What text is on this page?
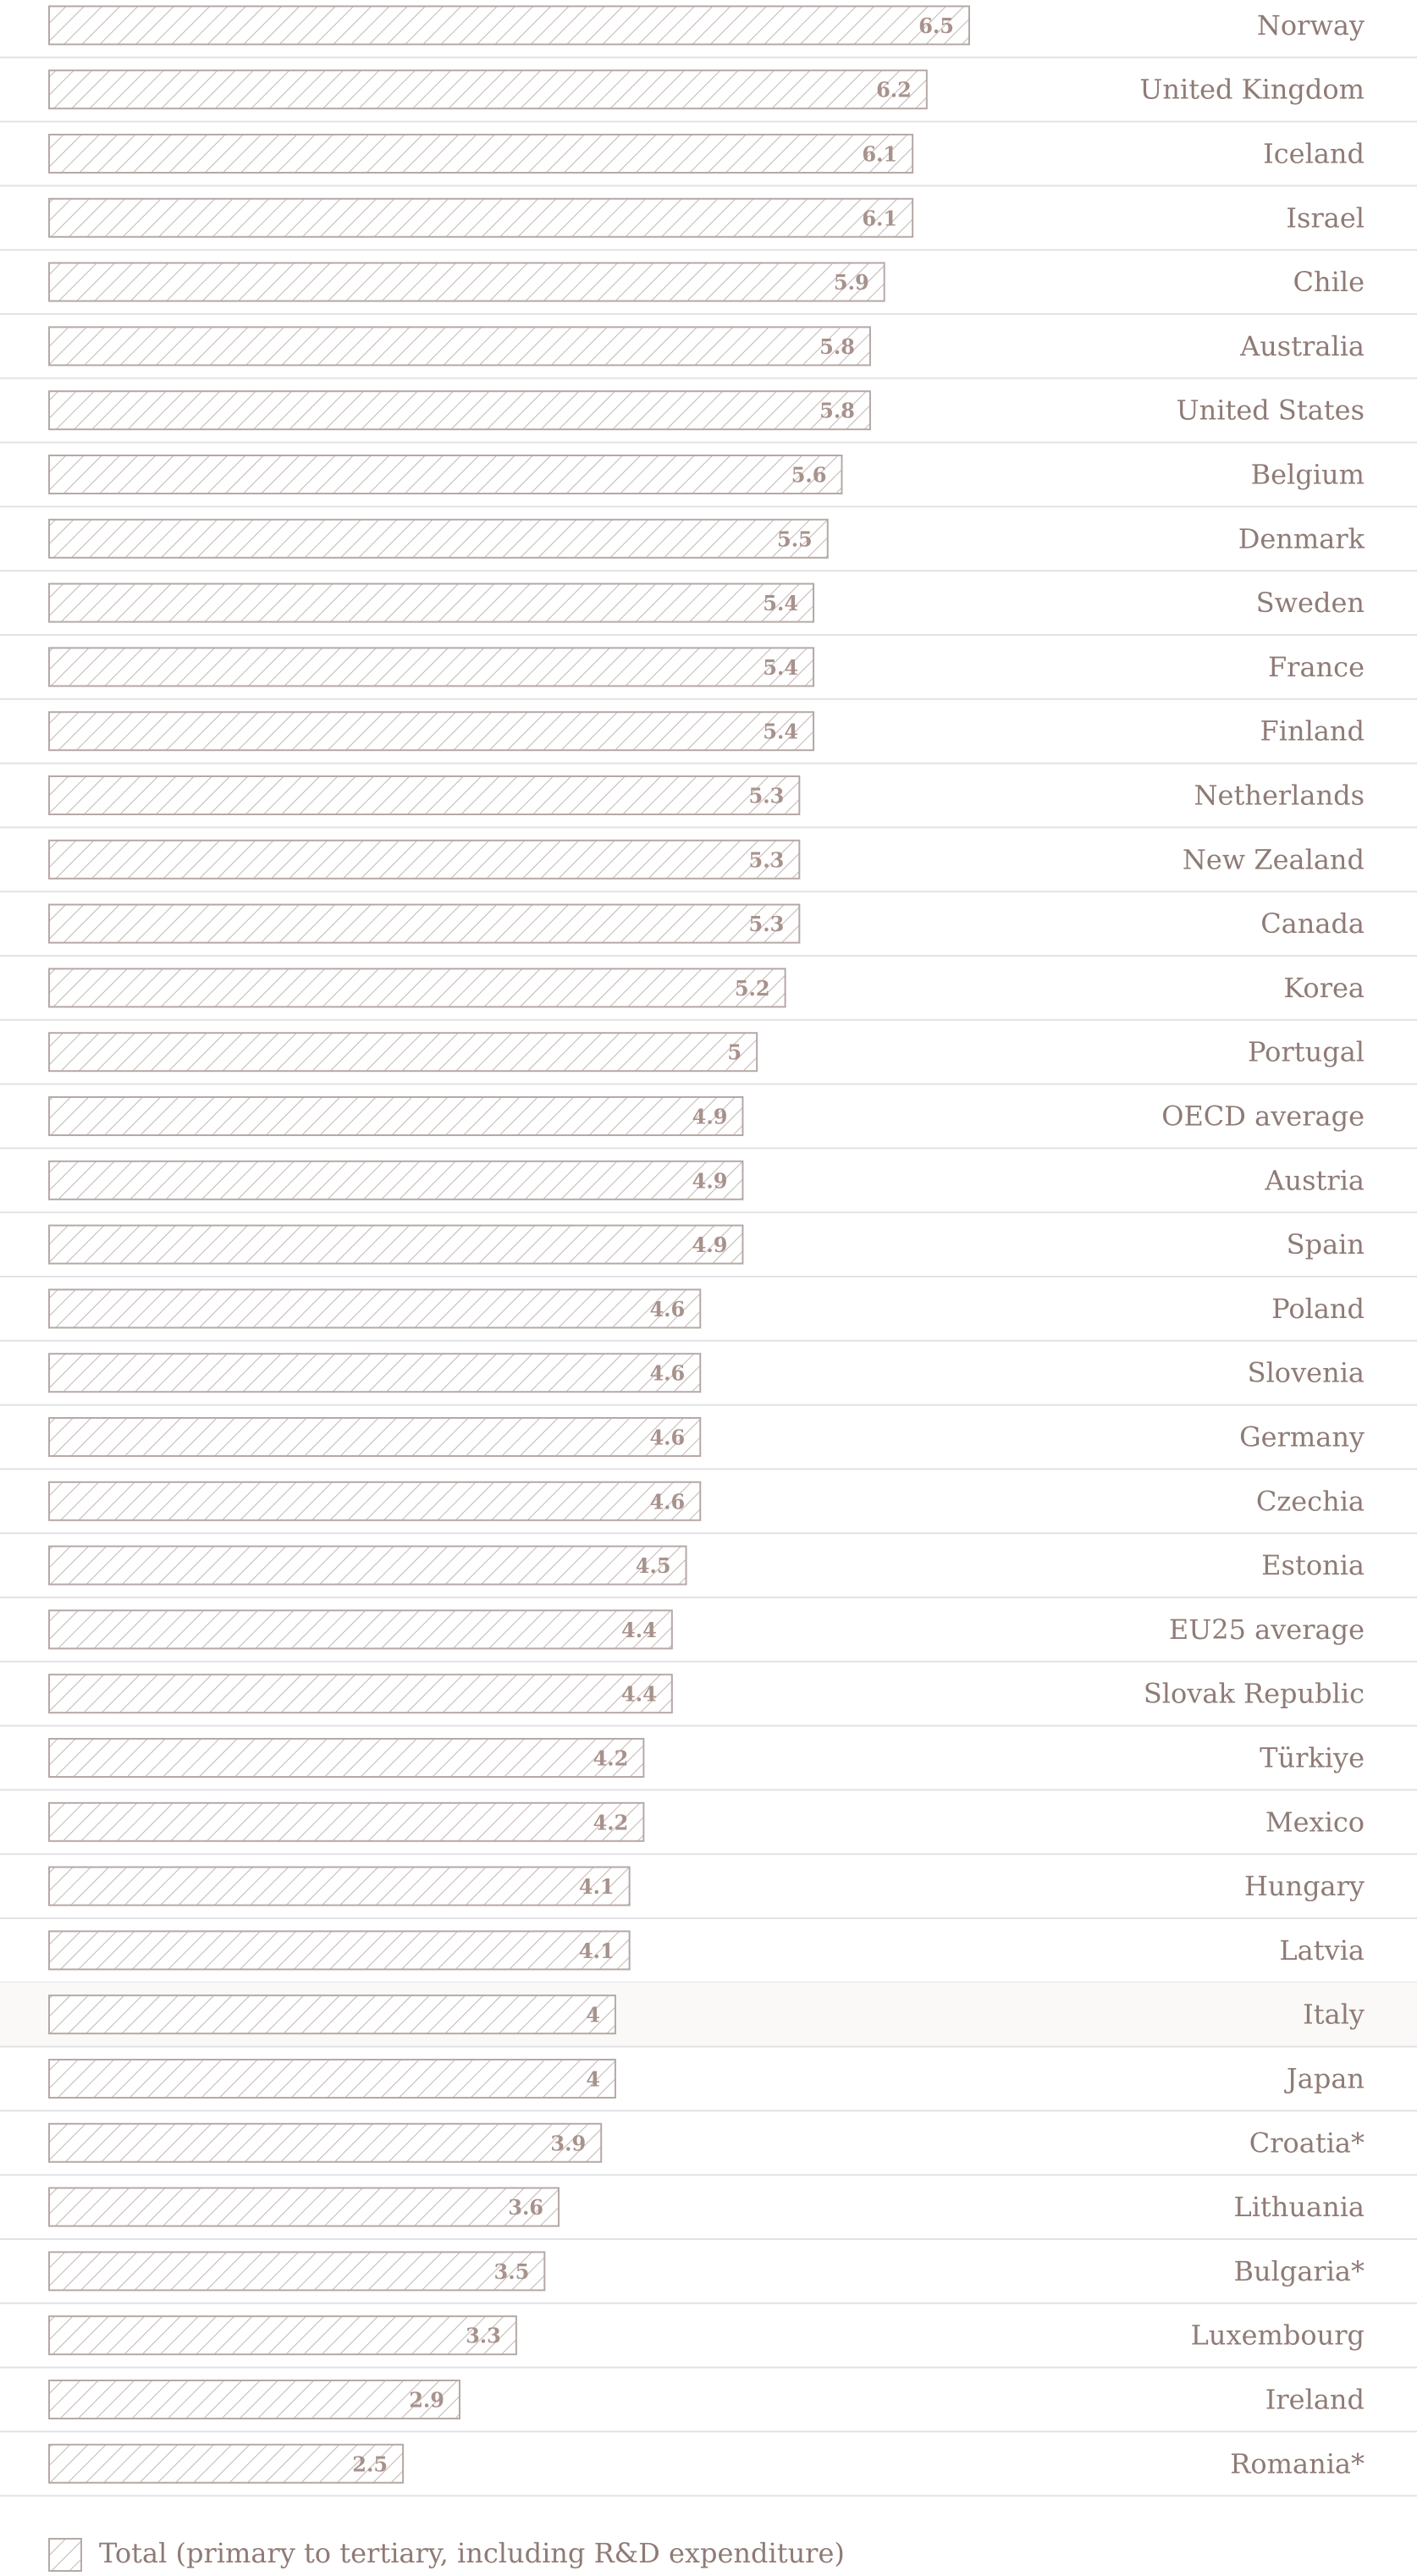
6.5	Norway
6.2	United Kingdom
6.1	Iceland
6.1	Israel
5.9	Chile
5.8	Australia
5.8	United States
5.6	Belgium
5.5	Denmark
5.4	Sweden
5.4	France
5.4	Finland
5.3	Netherlands
5.3	New Zealand
5.3	Canada
5.2	Korea
5	Portugal
4.9	OECD average
4.9	Austria
4.9	Spain
4.6	Poland
4.6	Slovenia
4.6	Germany
4.6	Czechia
4.5	Estonia
4.4	EU25 average
4.4	Slovak Republic
4.2	Türkiye
4.2	Mexico
4.1	Hungary
4.1	Latvia
4	Italy
4	Japan
3.9	Croatia*
3.6	Lithuania
3.5	Bulgaria*
3.3	Luxembourg
2.9	Ireland
2.5	Romania*
Total (primary to tertiary, including R&D expenditure)
